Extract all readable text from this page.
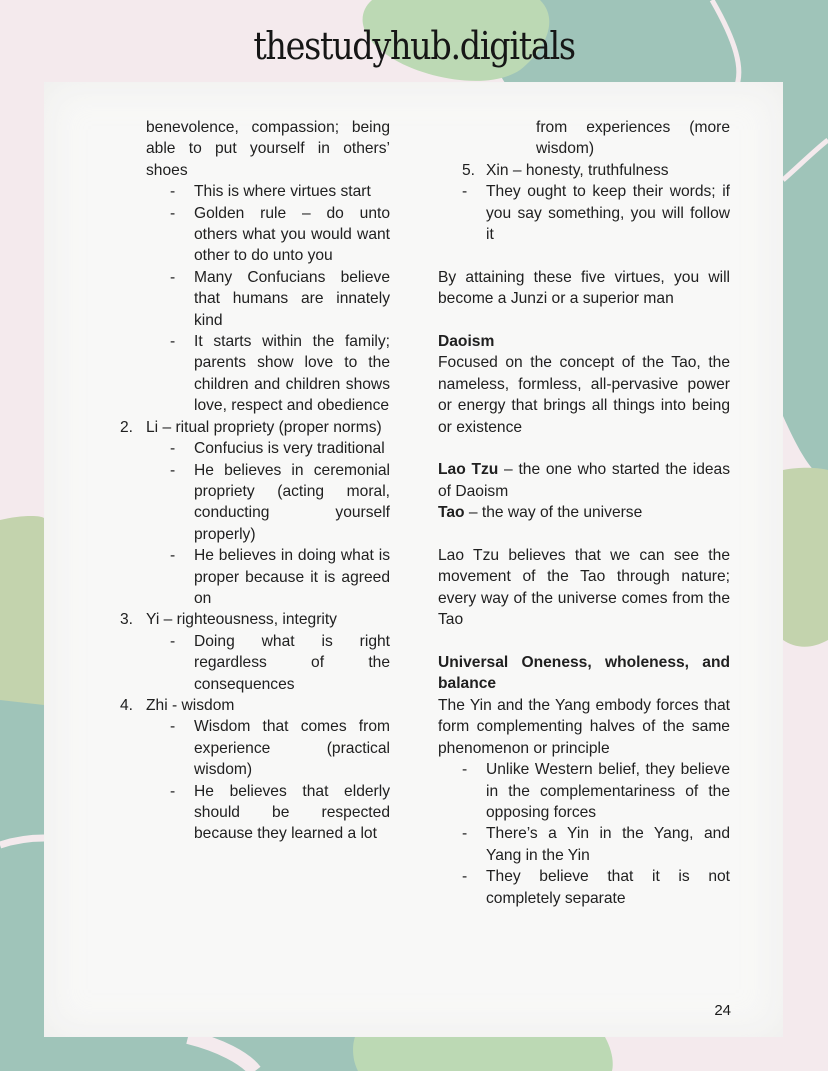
thestudyhub.digitals
benevolence, compassion; being able to put yourself in others’ shoes
- This is where virtues start
- Golden rule – do unto others what you would want other to do unto you
- Many Confucians believe that humans are innately kind
- It starts within the family; parents show love to the children and children shows love, respect and obedience
2. Li – ritual propriety (proper norms)
- Confucius is very traditional
- He believes in ceremonial propriety (acting moral, conducting yourself properly)
- He believes in doing what is proper because it is agreed on
3. Yi – righteousness, integrity
- Doing what is right regardless of the consequences
4. Zhi - wisdom
- Wisdom that comes from experience (practical wisdom)
- He believes that elderly should be respected because they learned a lot
from experiences (more wisdom)
5. Xin – honesty, truthfulness
- They ought to keep their words; if you say something, you will follow it
By attaining these five virtues, you will become a Junzi or a superior man
Daoism
Focused on the concept of the Tao, the nameless, formless, all-pervasive power or energy that brings all things into being or existence
Lao Tzu – the one who started the ideas of Daoism
Tao – the way of the universe
Lao Tzu believes that we can see the movement of the Tao through nature; every way of the universe comes from the Tao
Universal Oneness, wholeness, and balance
The Yin and the Yang embody forces that form complementing halves of the same phenomenon or principle
- Unlike Western belief, they believe in the complementariness of the opposing forces
- There’s a Yin in the Yang, and Yang in the Yin
- They believe that it is not completely separate
24
